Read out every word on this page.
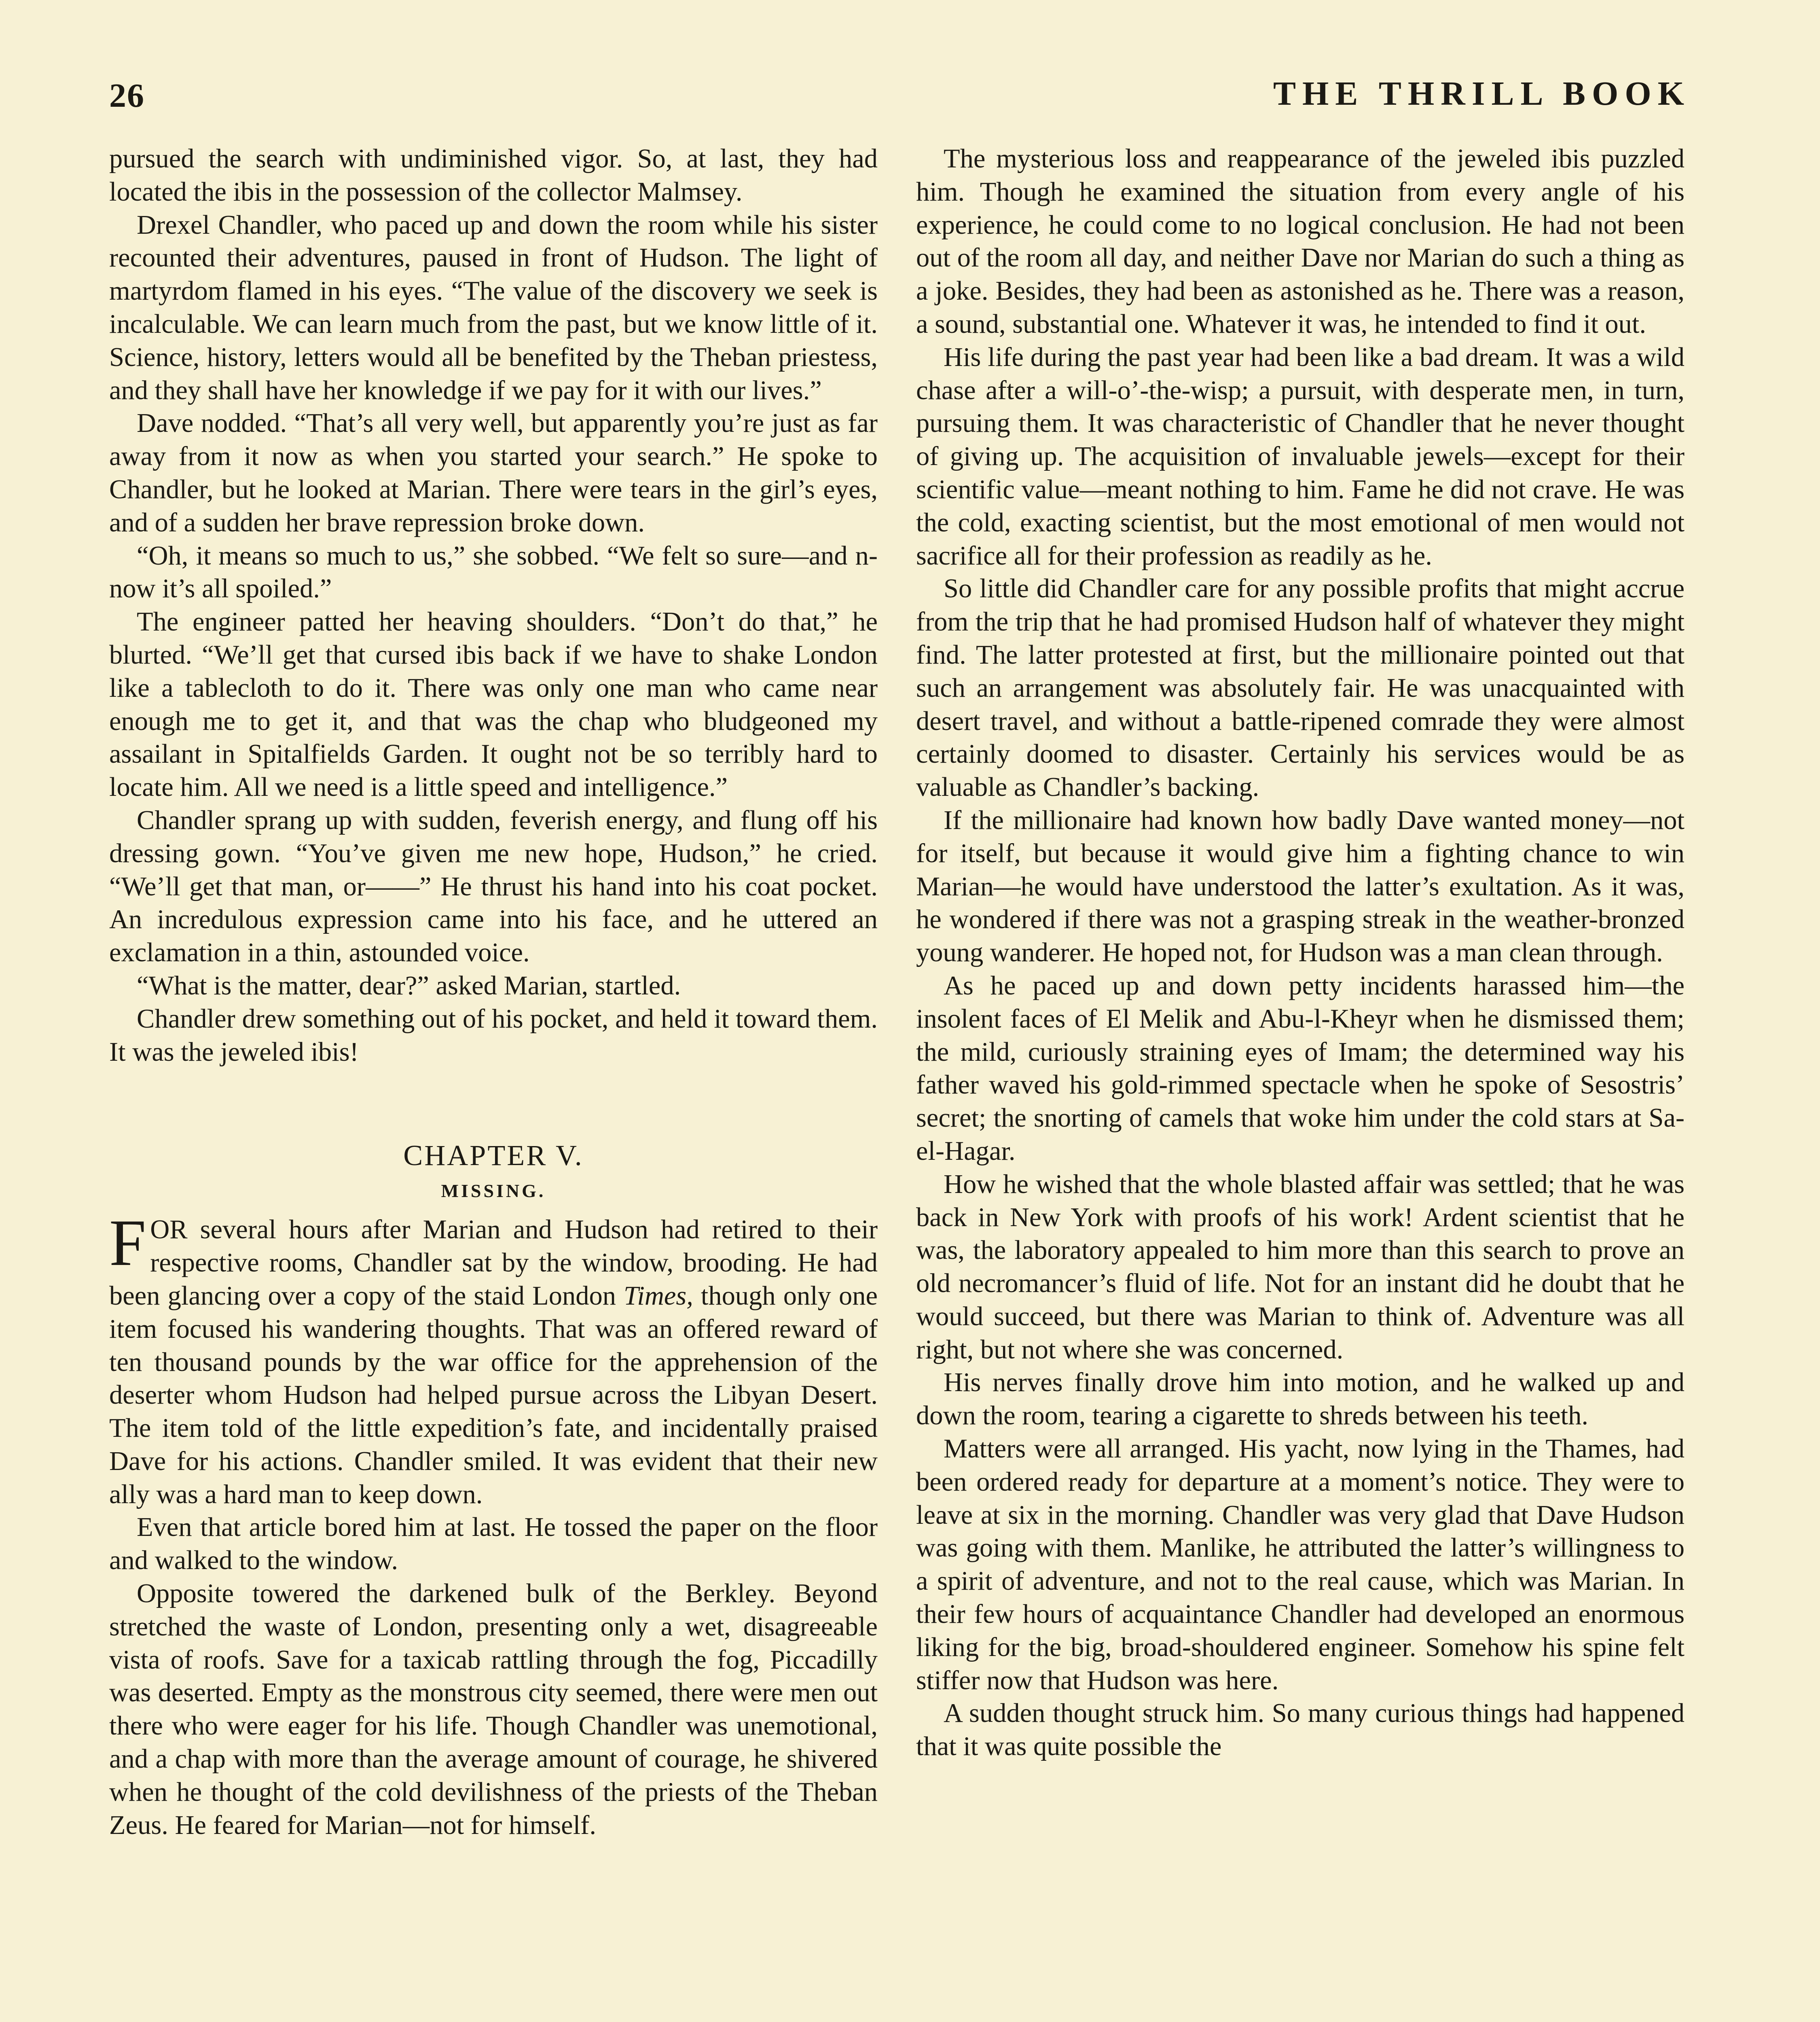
26	THE THRILL BOOK

pursued the search with undiminished vigor. So, at last, they had located the ibis in the possession of the collector Malmsey.

Drexel Chandler, who paced up and down the room while his sister recounted their adventures, paused in front of Hudson. The light of martyrdom flamed in his eyes. “The value of the discovery we seek is incalculable. We can learn much from the past, but we know little of it. Science, history, letters would all be benefited by the Theban priestess, and they shall have her knowledge if we pay for it with our lives.”

Dave nodded. “That’s all very well, but apparently you’re just as far away from it now as when you started your search.” He spoke to Chandler, but he looked at Marian. There were tears in the girl’s eyes, and of a sudden her brave repression broke down.

“Oh, it means so much to us,” she sobbed. “We felt so sure—and n-now it’s all spoiled.”

The engineer patted her heaving shoulders. “Don’t do that,” he blurted. “We’ll get that cursed ibis back if we have to shake London like a tablecloth to do it. There was only one man who came near enough me to get it, and that was the chap who bludgeoned my assailant in Spitalfields Garden. It ought not be so terribly hard to locate him. All we need is a little speed and intelligence.”

Chandler sprang up with sudden, feverish energy, and flung off his dressing gown. “You’ve given me new hope, Hudson,” he cried. “We’ll get that man, or——” He thrust his hand into his coat pocket. An incredulous expression came into his face, and he uttered an exclamation in a thin, astounded voice.

“What is the matter, dear?” asked Marian, startled.

Chandler drew something out of his pocket, and held it toward them. It was the jeweled ibis!

CHAPTER V.
MISSING.

FOR several hours after Marian and Hudson had retired to their respective rooms, Chandler sat by the window, brooding. He had been glancing over a copy of the staid London Times, though only one item focused his wandering thoughts. That was an offered reward of ten thousand pounds by the war office for the apprehension of the deserter whom Hudson had helped pursue across the Libyan Desert. The item told of the little expedition’s fate, and incidentally praised Dave for his actions. Chandler smiled. It was evident that their new ally was a hard man to keep down.

Even that article bored him at last. He tossed the paper on the floor and walked to the window.

Opposite towered the darkened bulk of the Berkley. Beyond stretched the waste of London, presenting only a wet, disagreeable vista of roofs. Save for a taxicab rattling through the fog, Piccadilly was deserted. Empty as the monstrous city seemed, there were men out there who were eager for his life. Though Chandler was unemotional, and a chap with more than the average amount of courage, he shivered when he thought of the cold devilishness of the priests of the Theban Zeus. He feared for Marian—not for himself.

The mysterious loss and reappearance of the jeweled ibis puzzled him. Though he examined the situation from every angle of his experience, he could come to no logical conclusion. He had not been out of the room all day, and neither Dave nor Marian do such a thing as a joke. Besides, they had been as astonished as he. There was a reason, a sound, substantial one. Whatever it was, he intended to find it out.

His life during the past year had been like a bad dream. It was a wild chase after a will-o’-the-wisp; a pursuit, with desperate men, in turn, pursuing them. It was characteristic of Chandler that he never thought of giving up. The acquisition of invaluable jewels—except for their scientific value—meant nothing to him. Fame he did not crave. He was the cold, exacting scientist, but the most emotional of men would not sacrifice all for their profession as readily as he.

So little did Chandler care for any possible profits that might accrue from the trip that he had promised Hudson half of whatever they might find. The latter protested at first, but the millionaire pointed out that such an arrangement was absolutely fair. He was unacquainted with desert travel, and without a battle-ripened comrade they were almost certainly doomed to disaster. Certainly his services would be as valuable as Chandler’s backing.

If the millionaire had known how badly Dave wanted money—not for itself, but because it would give him a fighting chance to win Marian—he would have understood the latter’s exultation. As it was, he wondered if there was not a grasping streak in the weather-bronzed young wanderer. He hoped not, for Hudson was a man clean through.

As he paced up and down petty incidents harassed him—the insolent faces of El Melik and Abu-l-Kheyr when he dismissed them; the mild, curiously straining eyes of Imam; the determined way his father waved his gold-rimmed spectacle when he spoke of Sesostris’ secret; the snorting of camels that woke him under the cold stars at Sa-el-Hagar.

How he wished that the whole blasted affair was settled; that he was back in New York with proofs of his work! Ardent scientist that he was, the laboratory appealed to him more than this search to prove an old necromancer’s fluid of life. Not for an instant did he doubt that he would succeed, but there was Marian to think of. Adventure was all right, but not where she was concerned.

His nerves finally drove him into motion, and he walked up and down the room, tearing a cigarette to shreds between his teeth.

Matters were all arranged. His yacht, now lying in the Thames, had been ordered ready for departure at a moment’s notice. They were to leave at six in the morning. Chandler was very glad that Dave Hudson was going with them. Manlike, he attributed the latter’s willingness to a spirit of adventure, and not to the real cause, which was Marian. In their few hours of acquaintance Chandler had developed an enormous liking for the big, broad-shouldered engineer. Somehow his spine felt stiffer now that Hudson was here.

A sudden thought struck him. So many curious things had happened that it was quite possible the
